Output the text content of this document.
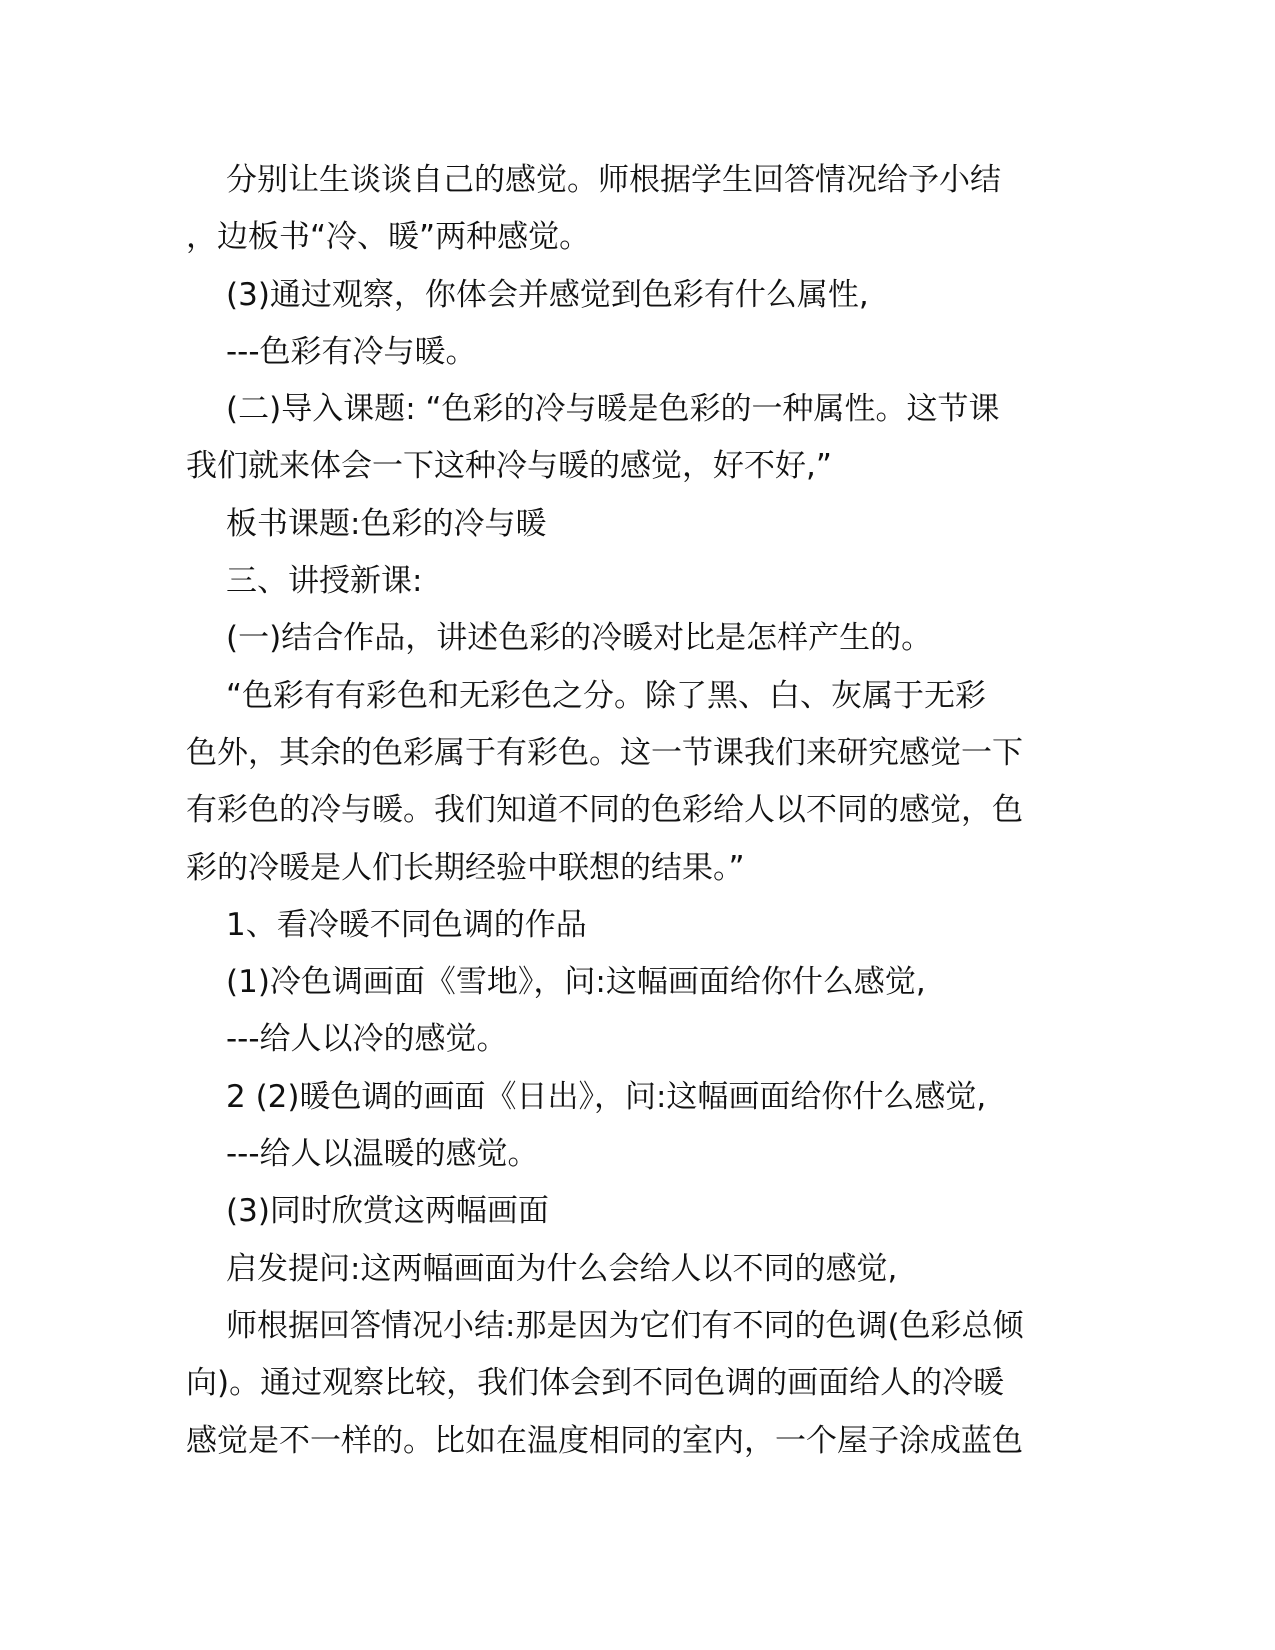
分别让生谈谈自己的感觉。师根据学生回答情况给予小结
，边板书“冷、暖”两种感觉。
(3)通过观察，你体会并感觉到色彩有什么属性,
---色彩有冷与暖。
(二)导入课题: “色彩的冷与暖是色彩的一种属性。这节课
我们就来体会一下这种冷与暖的感觉，好不好,”
板书课题:色彩的冷与暖
三、讲授新课:
(一)结合作品，讲述色彩的冷暖对比是怎样产生的。
“色彩有有彩色和无彩色之分。除了黑、白、灰属于无彩
色外，其余的色彩属于有彩色。这一节课我们来研究感觉一下
有彩色的冷与暖。我们知道不同的色彩给人以不同的感觉，色
彩的冷暖是人们长期经验中联想的结果。”
1、看冷暖不同色调的作品
(1)冷色调画面《雪地》，问:这幅画面给你什么感觉,
---给人以冷的感觉。
2 (2)暖色调的画面《日出》，问:这幅画面给你什么感觉,
---给人以温暖的感觉。
(3)同时欣赏这两幅画面
启发提问:这两幅画面为什么会给人以不同的感觉,
师根据回答情况小结:那是因为它们有不同的色调(色彩总倾
向)。通过观察比较，我们体会到不同色调的画面给人的冷暖
感觉是不一样的。比如在温度相同的室内，一个屋子涂成蓝色
